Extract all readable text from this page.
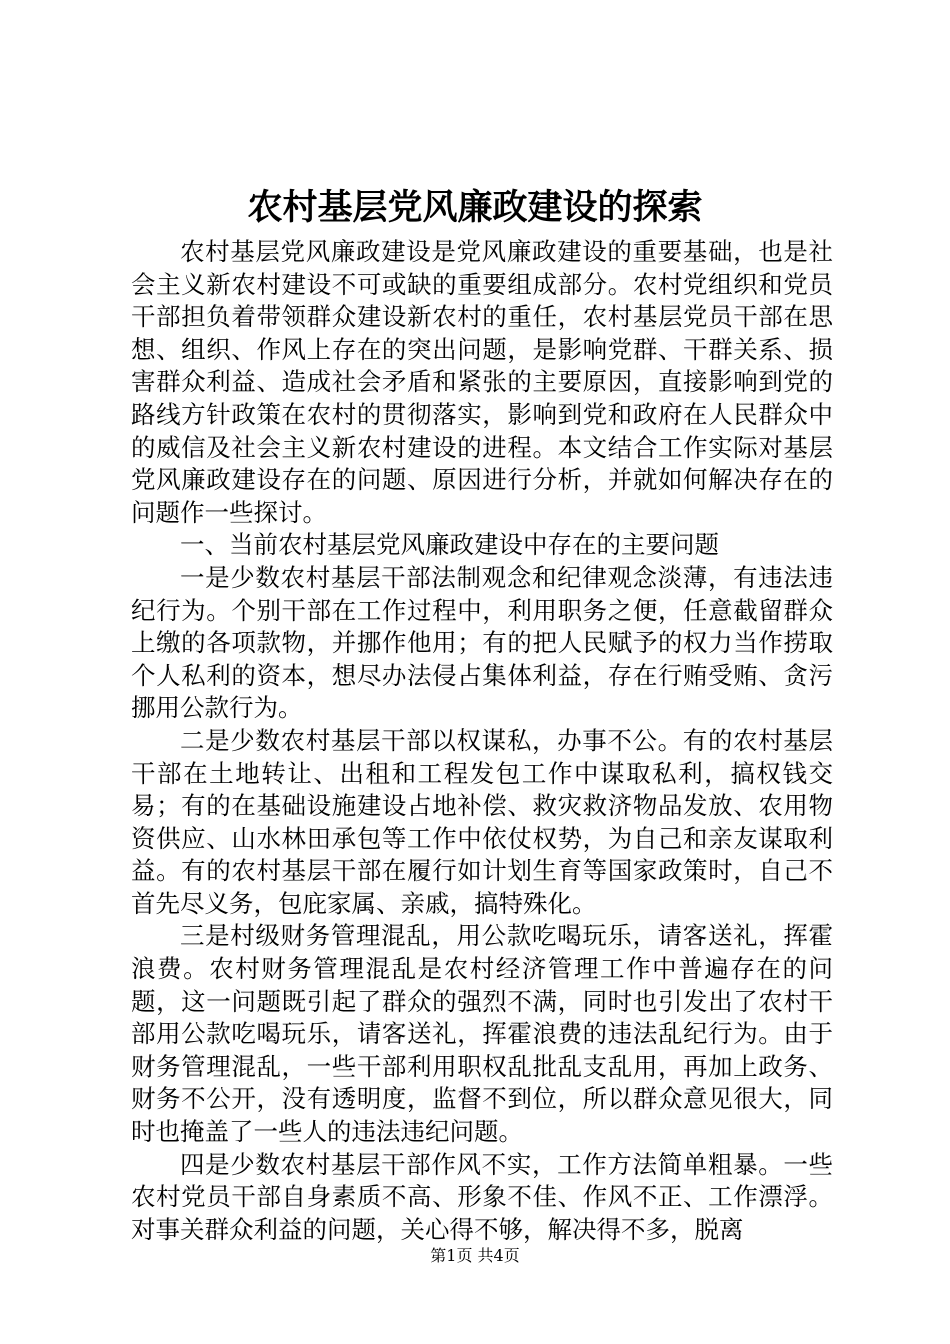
农村基层党风廉政建设的探索

农村基层党风廉政建设是党风廉政建设的重要基础，也是社会主义新农村建设不可或缺的重要组成部分。农村党组织和党员干部担负着带领群众建设新农村的重任，农村基层党员干部在思想、组织、作风上存在的突出问题，是影响党群、干群关系、损害群众利益、造成社会矛盾和紧张的主要原因，直接影响到党的路线方针政策在农村的贯彻落实，影响到党和政府在人民群众中的威信及社会主义新农村建设的进程。本文结合工作实际对基层党风廉政建设存在的问题、原因进行分析，并就如何解决存在的问题作一些探讨。

一、当前农村基层党风廉政建设中存在的主要问题

一是少数农村基层干部法制观念和纪律观念淡薄，有违法违纪行为。个别干部在工作过程中，利用职务之便，任意截留群众上缴的各项款物，并挪作他用；有的把人民赋予的权力当作捞取个人私利的资本，想尽办法侵占集体利益，存在行贿受贿、贪污挪用公款行为。

二是少数农村基层干部以权谋私，办事不公。有的农村基层干部在土地转让、出租和工程发包工作中谋取私利，搞权钱交易；有的在基础设施建设占地补偿、救灾救济物品发放、农用物资供应、山水林田承包等工作中依仗权势，为自己和亲友谋取利益。有的农村基层干部在履行如计划生育等国家政策时，自己不首先尽义务，包庇家属、亲戚，搞特殊化。

三是村级财务管理混乱，用公款吃喝玩乐，请客送礼，挥霍浪费。农村财务管理混乱是农村经济管理工作中普遍存在的问题，这一问题既引起了群众的强烈不满，同时也引发出了农村干部用公款吃喝玩乐，请客送礼，挥霍浪费的违法乱纪行为。由于财务管理混乱，一些干部利用职权乱批乱支乱用，再加上政务、财务不公开，没有透明度，监督不到位，所以群众意见很大，同时也掩盖了一些人的违法违纪问题。

四是少数农村基层干部作风不实，工作方法简单粗暴。一些农村党员干部自身素质不高、形象不佳、作风不正、工作漂浮。对事关群众利益的问题，关心得不够，解决得不多，脱离

第1页 共4页
